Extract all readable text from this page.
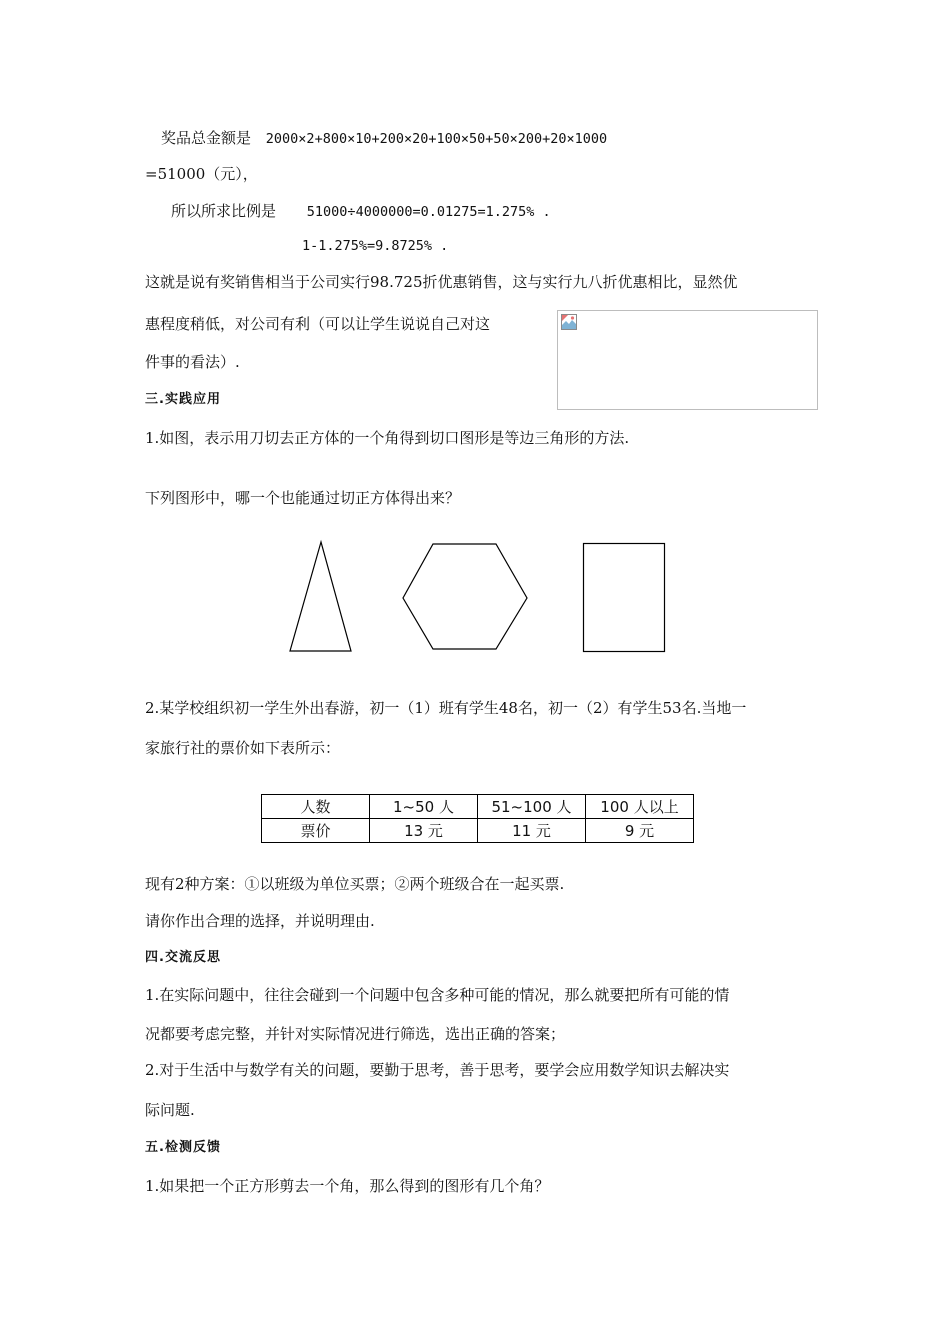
奖品总金额是 2000×2+800×10+200×20+100×50+50×200+20×1000
=51000（元），
所以所求比例是 51000÷4000000=0.01275=1.275% .
1-1.275%=9.8725% .
这就是说有奖销售相当于公司实行98.725折优惠销售，这与实行九八折优惠相比，显然优
惠程度稍低，对公司有利（可以让学生说说自己对这
件事的看法）.
三.实践应用
1.如图，表示用刀切去正方体的一个角得到切口图形是等边三角形的方法.
下列图形中，哪一个也能通过切正方体得出来？
2.某学校组织初一学生外出春游，初一（1）班有学生48名，初一（2）有学生53名.当地一
家旅行社的票价如下表所示：
人数	1~50 人	51~100 人	100 人以上
票价	13 元	11 元	9 元
现有2种方案：①以班级为单位买票；②两个班级合在一起买票.
请你作出合理的选择，并说明理由.
四.交流反思
1.在实际问题中，往往会碰到一个问题中包含多种可能的情况，那么就要把所有可能的情
况都要考虑完整，并针对实际情况进行筛选，选出正确的答案；
2.对于生活中与数学有关的问题，要勤于思考，善于思考，要学会应用数学知识去解决实
际问题.
五.检测反馈
1.如果把一个正方形剪去一个角，那么得到的图形有几个角？
